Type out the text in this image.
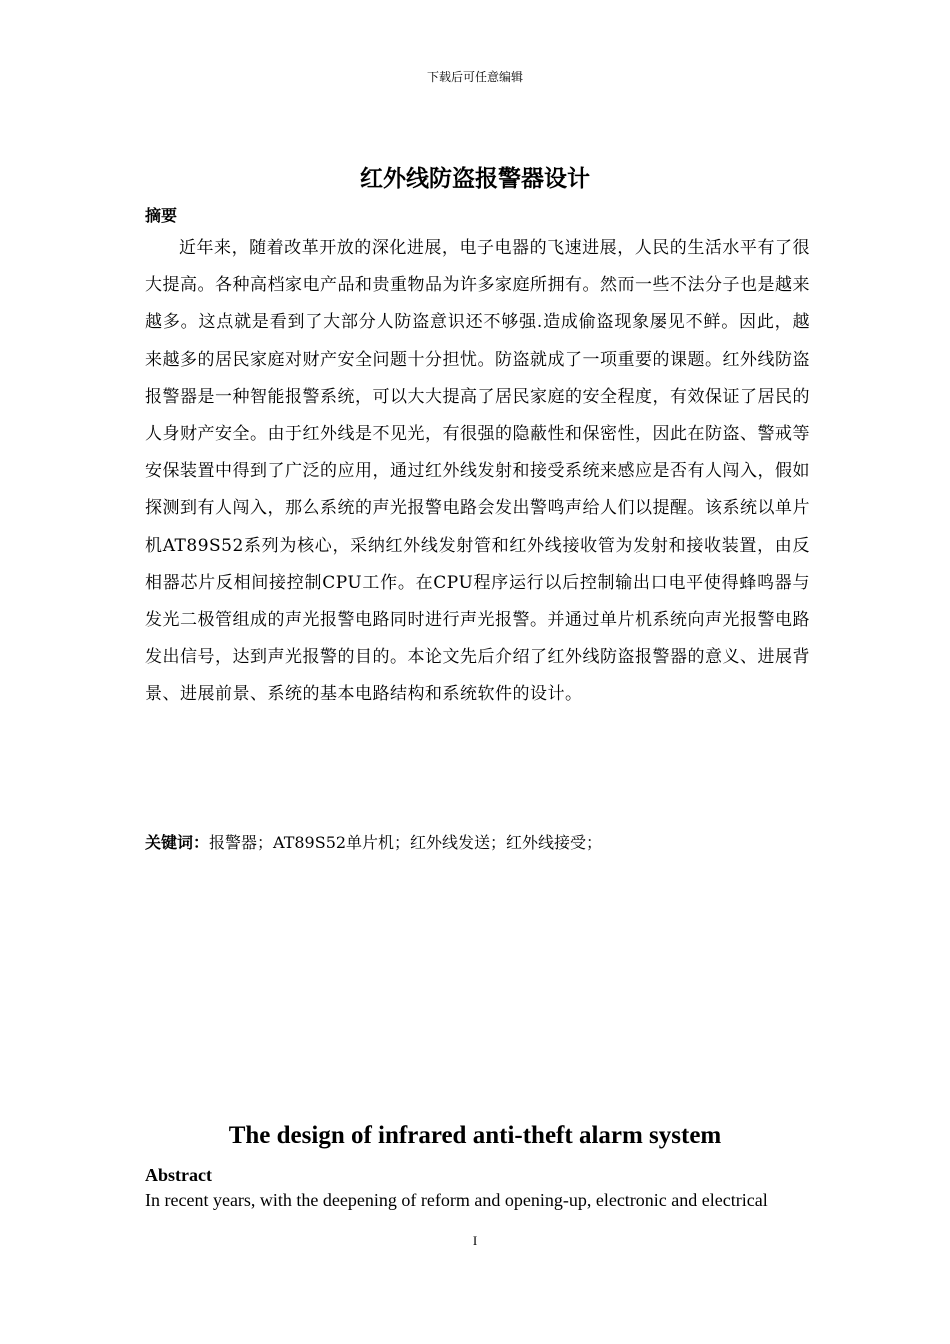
下载后可任意编辑
红外线防盗报警器设计
摘要
近年来，随着改革开放的深化进展，电子电器的飞速进展，人民的生活水平有了很大提高。各种高档家电产品和贵重物品为许多家庭所拥有。然而一些不法分子也是越来越多。这点就是看到了大部分人防盗意识还不够强.造成偷盗现象屡见不鲜。因此，越来越多的居民家庭对财产安全问题十分担忧。防盗就成了一项重要的课题。红外线防盗报警器是一种智能报警系统，可以大大提高了居民家庭的安全程度，有效保证了居民的人身财产安全。由于红外线是不见光，有很强的隐蔽性和保密性，因此在防盗、警戒等安保装置中得到了广泛的应用，通过红外线发射和接受系统来感应是否有人闯入，假如探测到有人闯入，那么系统的声光报警电路会发出警鸣声给人们以提醒。该系统以单片机AT89S52系列为核心，采纳红外线发射管和红外线接收管为发射和接收装置，由反相器芯片反相间接控制CPU工作。在CPU程序运行以后控制输出口电平使得蜂鸣器与发光二极管组成的声光报警电路同时进行声光报警。并通过单片机系统向声光报警电路发出信号，达到声光报警的目的。本论文先后介绍了红外线防盗报警器的意义、进展背景、进展前景、系统的基本电路结构和系统软件的设计。
关键词：报警器；AT89S52单片机；红外线发送；红外线接受；
The design of infrared anti-theft alarm system
Abstract
In recent years, with the deepening of reform and opening-up, electronic and electrical
I
